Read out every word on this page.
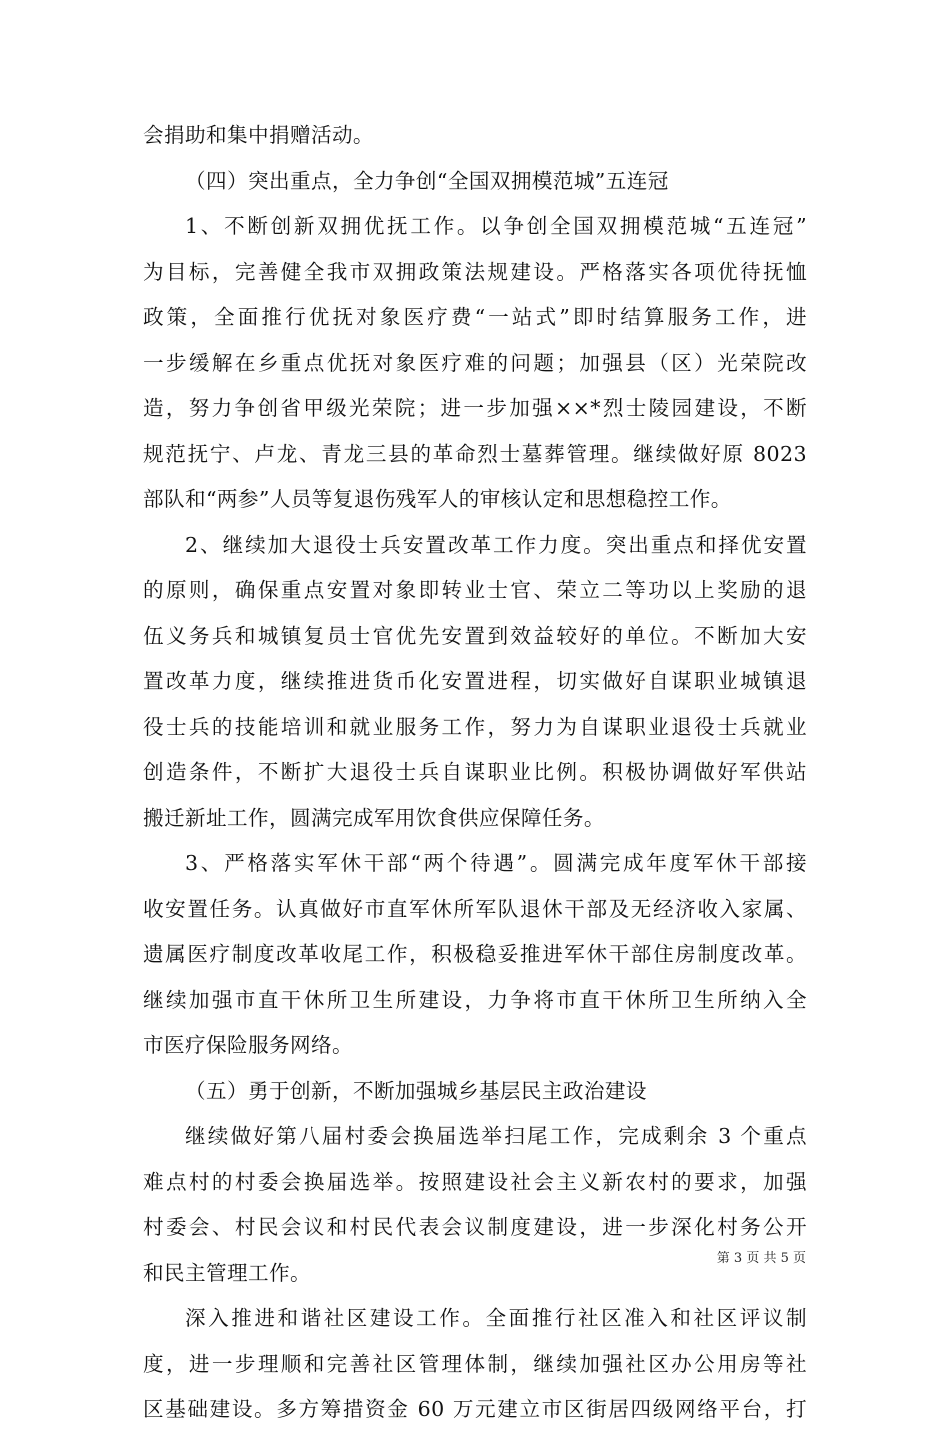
会捐助和集中捐赠活动。
（四）突出重点，全力争创“全国双拥模范城”五连冠
1、不断创新双拥优抚工作。以争创全国双拥模范城“五连冠”
为目标，完善健全我市双拥政策法规建设。严格落实各项优待抚恤
政策，全面推行优抚对象医疗费“一站式”即时结算服务工作，进
一步缓解在乡重点优抚对象医疗难的问题；加强县（区）光荣院改
造，努力争创省甲级光荣院；进一步加强××*烈士陵园建设，不断
规范抚宁、卢龙、青龙三县的革命烈士墓葬管理。继续做好原 8023
部队和“两参”人员等复退伤残军人的审核认定和思想稳控工作。
2、继续加大退役士兵安置改革工作力度。突出重点和择优安置
的原则，确保重点安置对象即转业士官、荣立二等功以上奖励的退
伍义务兵和城镇复员士官优先安置到效益较好的单位。不断加大安
置改革力度，继续推进货币化安置进程，切实做好自谋职业城镇退
役士兵的技能培训和就业服务工作，努力为自谋职业退役士兵就业
创造条件，不断扩大退役士兵自谋职业比例。积极协调做好军供站
搬迁新址工作，圆满完成军用饮食供应保障任务。
3、严格落实军休干部“两个待遇”。圆满完成年度军休干部接
收安置任务。认真做好市直军休所军队退休干部及无经济收入家属、
遗属医疗制度改革收尾工作，积极稳妥推进军休干部住房制度改革。
继续加强市直干休所卫生所建设，力争将市直干休所卫生所纳入全
市医疗保险服务网络。
（五）勇于创新，不断加强城乡基层民主政治建设
继续做好第八届村委会换届选举扫尾工作，完成剩余 3 个重点
难点村的村委会换届选举。按照建设社会主义新农村的要求，加强
村委会、村民会议和村民代表会议制度建设，进一步深化村务公开
和民主管理工作。
深入推进和谐社区建设工作。全面推行社区准入和社区评议制
度，进一步理顺和完善社区管理体制，继续加强社区办公用房等社
区基础建设。多方筹措资金 60 万元建立市区街居四级网络平台，打
第 3 页 共 5 页
